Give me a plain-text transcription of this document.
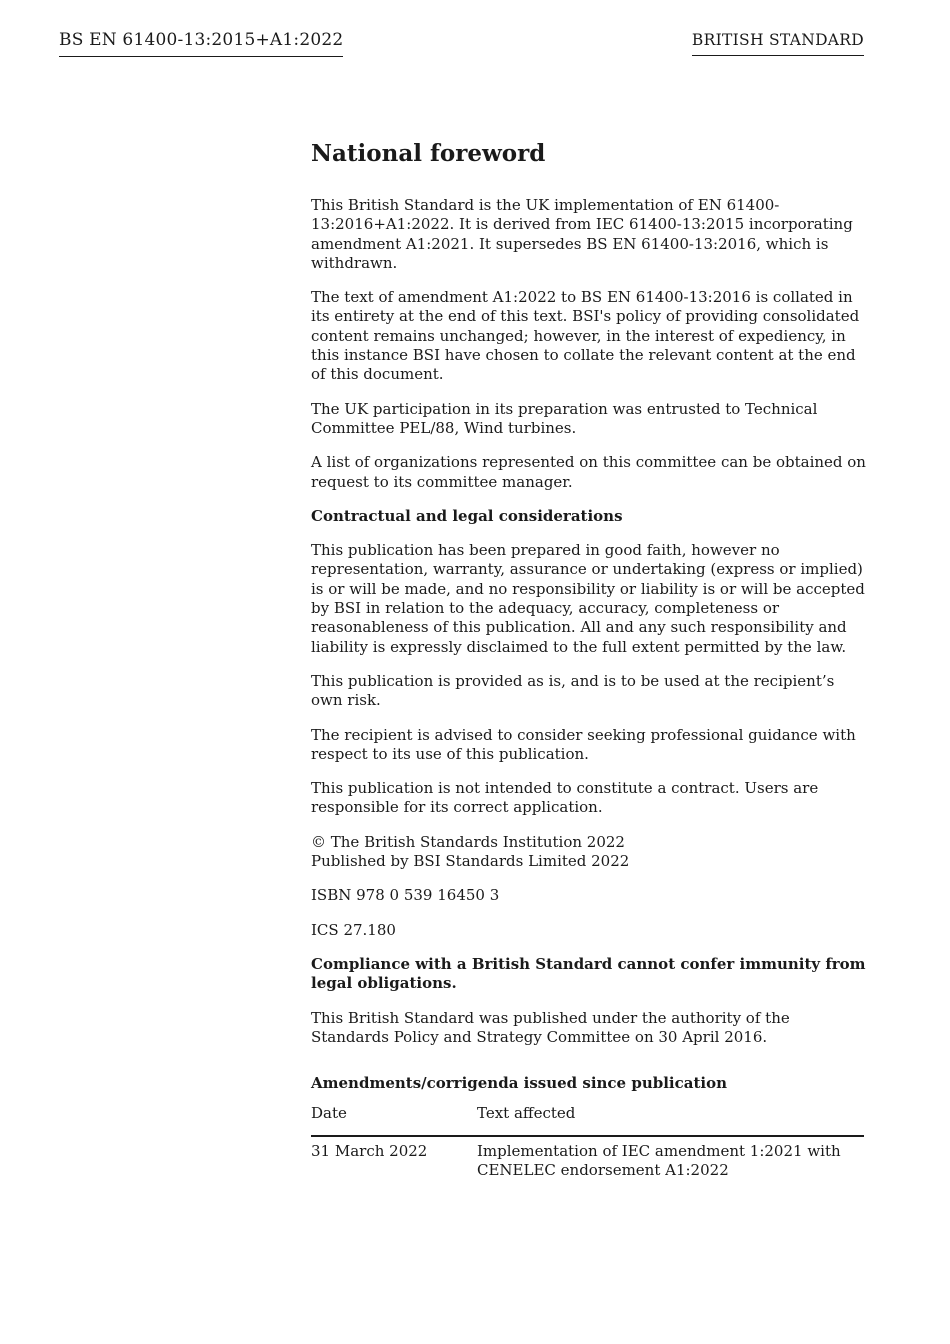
BS EN 61400-13:2015+A1:2022	BRITISH STANDARD
National foreword

This British Standard is the UK implementation of EN 61400-13:2016+A1:2022. It is derived from IEC 61400-13:2015 incorporating amendment A1:2021. It supersedes BS EN 61400-13:2016, which is withdrawn.

The text of amendment A1:2022 to BS EN 61400-13:2016 is collated in its entirety at the end of this text. BSI's policy of providing consolidated content remains unchanged; however, in the interest of expediency, in this instance BSI have chosen to collate the relevant content at the end of this document.

The UK participation in its preparation was entrusted to Technical Committee PEL/88, Wind turbines.

A list of organizations represented on this committee can be obtained on request to its committee manager.

Contractual and legal considerations

This publication has been prepared in good faith, however no representation, warranty, assurance or undertaking (express or implied) is or will be made, and no responsibility or liability is or will be accepted by BSI in relation to the adequacy, accuracy, completeness or reasonableness of this publication. All and any such responsibility and liability is expressly disclaimed to the full extent permitted by the law.

This publication is provided as is, and is to be used at the recipient’s own risk.

The recipient is advised to consider seeking professional guidance with respect to its use of this publication.

This publication is not intended to constitute a contract. Users are responsible for its correct application.

© The British Standards Institution 2022
Published by BSI Standards Limited 2022

ISBN 978 0 539 16450 3

ICS 27.180

Compliance with a British Standard cannot confer immunity from legal obligations.

This British Standard was published under the authority of the Standards Policy and Strategy Committee on 30 April 2016.

Amendments/corrigenda issued since publication
Date	Text affected
31 March 2022	Implementation of IEC amendment 1:2021 with
CENELEC endorsement A1:2022
